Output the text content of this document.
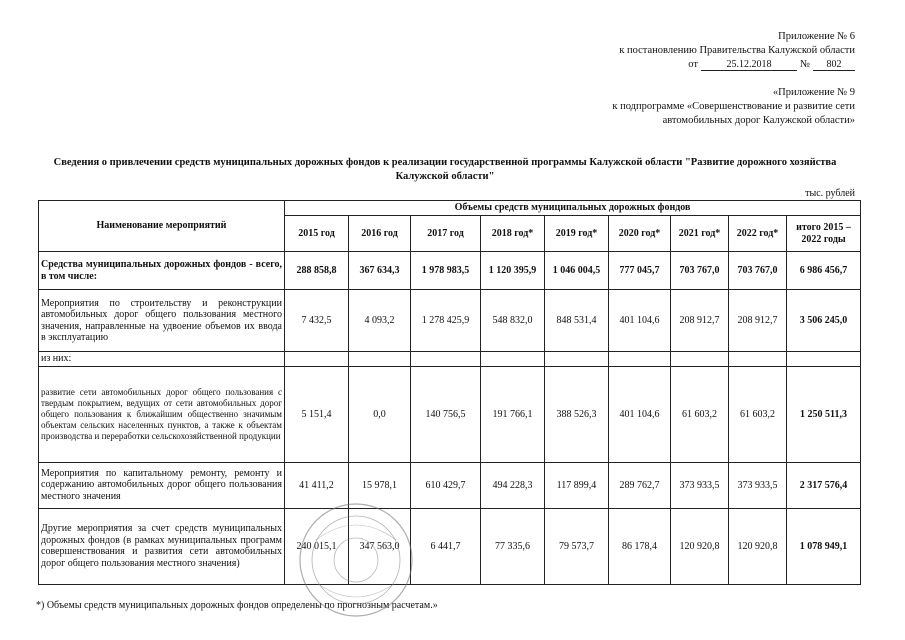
Приложение № 6
к постановлению Правительства Калужской области
от	25.12.2018	№	802
«Приложение № 9
к подпрограмме «Совершенствование и развитие сети
автомобильных дорог Калужской области»
Сведения о привлечении средств муниципальных дорожных фондов к реализации государственной программы Калужской области "Развитие дорожного хозяйства Калужской области"
тыс. рублей
Наименование мероприятий	Объемы средств муниципальных дорожных фондов								
	2015 год	2016 год	2017 год	2018 год*	2019 год*	2020 год*	2021 год*	2022 год*	итого 2015 – 2022 годы
Средства муниципальных дорожных фондов - всего, в том числе:	288 858,8	367 634,3	1 978 983,5	1 120 395,9	1 046 004,5	777 045,7	703 767,0	703 767,0	6 986 456,7
Мероприятия по строительству и реконструкции автомобильных дорог общего пользования местного значения, направленные на удвоение объемов их ввода в эксплуатацию	7 432,5	4 093,2	1 278 425,9	548 832,0	848 531,4	401 104,6	208 912,7	208 912,7	3 506 245,0
из них:									
развитие сети автомобильных дорог общего пользования с твердым покрытием, ведущих от сети автомобильных дорог общего пользования к ближайшим общественно значимым объектам сельских населенных пунктов, а также к объектам производства и переработки сельскохозяйственной продукции	5 151,4	0,0	140 756,5	191 766,1	388 526,3	401 104,6	61 603,2	61 603,2	1 250 511,3
Мероприятия по капитальному ремонту, ремонту и содержанию автомобильных дорог общего пользования местного значения	41 411,2	15 978,1	610 429,7	494 228,3	117 899,4	289 762,7	373 933,5	373 933,5	2 317 576,4
Другие мероприятия за счет средств муниципальных дорожных фондов (в рамках муниципальных программ совершенствования и развития сети автомобильных дорог общего пользования местного значения)	240 015,1	347 563,0	6 441,7	77 335,6	79 573,7	86 178,4	120 920,8	120 920,8	1 078 949,1
*) Объемы средств муниципальных дорожных фондов определены по прогнозным расчетам.»
